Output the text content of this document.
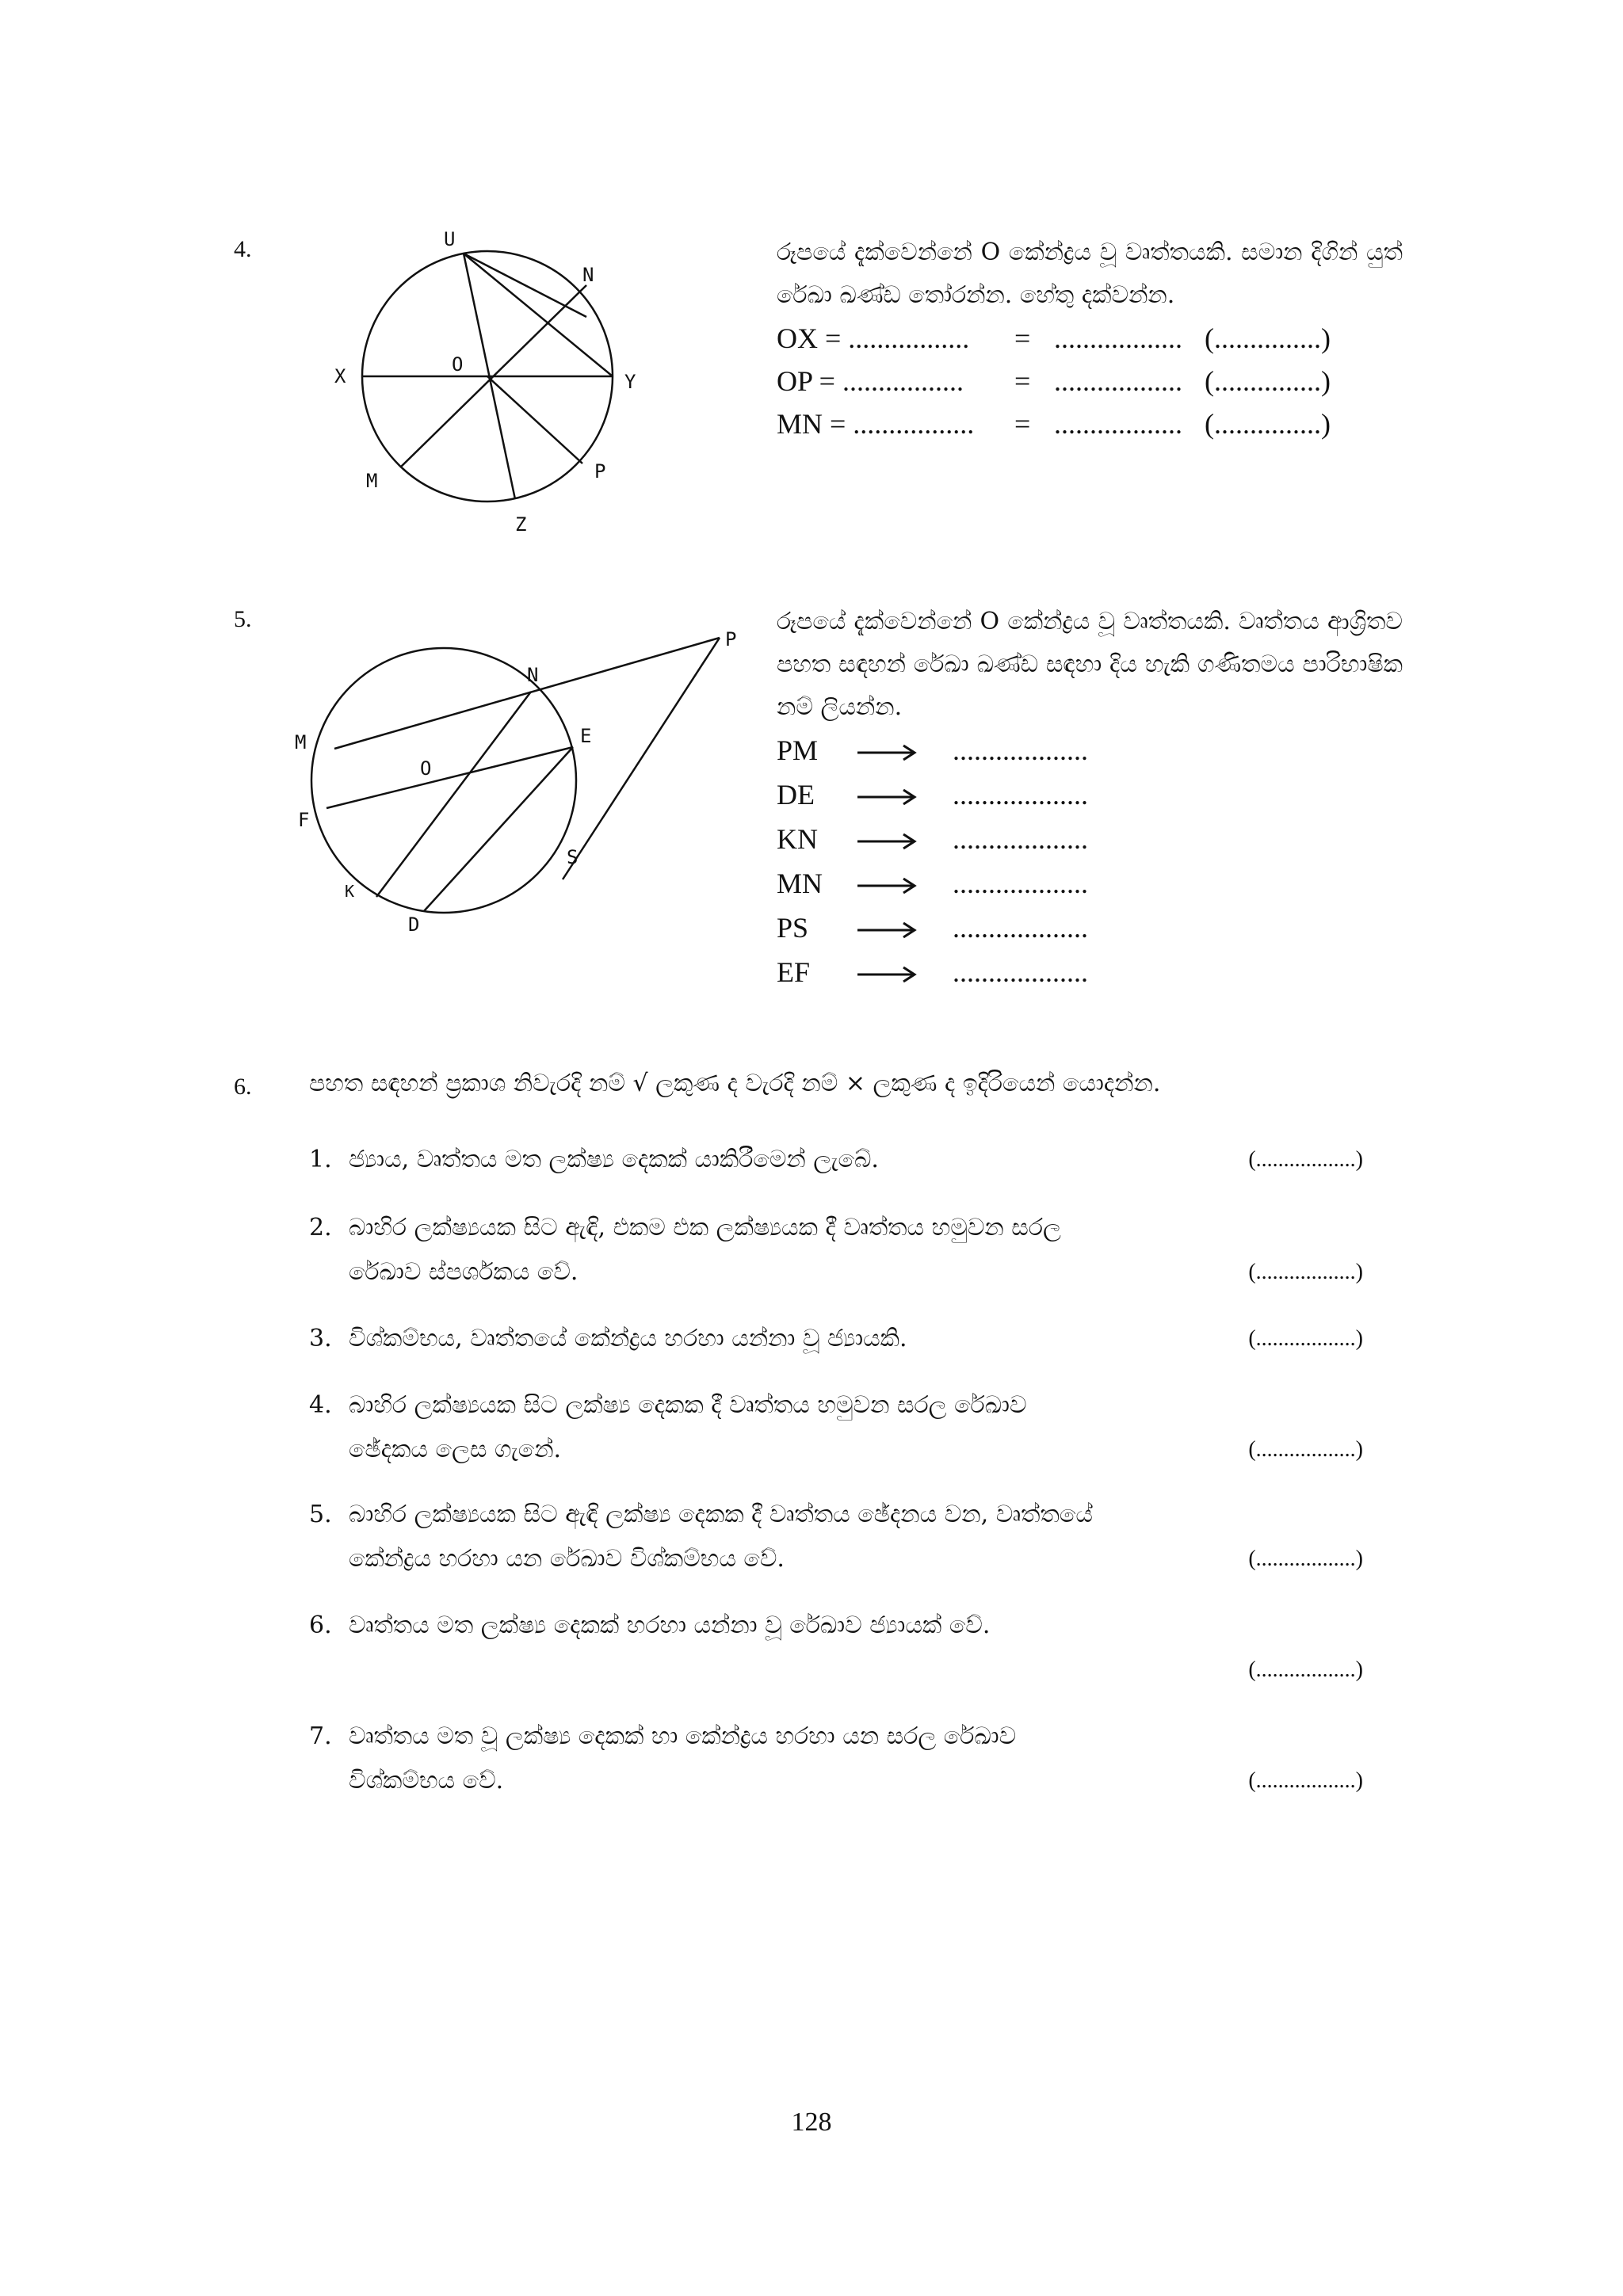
4.	U
N
X
O
Y
M	P
Z

රූපයේ දැක්වෙන්නේ O කේන්ද්‍රය වූ වෘත්තයකි. සමාන දිගින් යුත් රේඛා ඛණ්ඩ තෝරන්න. හේතු දක්වන්න.

OX = ................. = .................. (...............)
OP = ................. = .................. (...............)
MN = ................. = .................. (...............)
5.
P
N
M	E
O
F
S
K
D

රූපයේ දැක්වෙන්නේ O කේන්ද්‍රය වූ වෘත්තයකි. වෘත්තය ආශ්‍රිතව පහත සඳහන් රේඛා ඛණ්ඩ සඳහා දිය හැකි ගණිතමය පාරිභාෂික නම් ලියන්න.

PM	...................
DE	...................
KN	...................
MN	...................
PS	...................
EF	...................
6. පහත සඳහන් ප්‍රකාශ නිවැරදි නම් √ ලකුණ ද වැරදි නම් × ලකුණ ද ඉදිරියෙන් යොදන්න.
1. ජ්‍යාය, වෘත්තය මත ලක්ෂ්‍ය දෙකක් යාකිරීමෙන් ලැබේ.	(..................)
2. බාහිර ලක්ෂ්‍යයක සිට ඇඳි, එකම එක ලක්ෂ්‍යයක දී වෘත්තය හමුවන සරල රේඛාව ස්පර්ශකය වේ.	(..................)
3. විශ්කම්භය, වෘත්තයේ කේන්ද්‍රය හරහා යන්නා වූ ජ්‍යායකි.	(..................)
4. බාහිර ලක්ෂ්‍යයක සිට ලක්ෂ්‍ය දෙකක දී වෘත්තය හමුවන සරල රේඛාව ඡේදකය ලෙස ගැනේ.	(..................)
5. බාහිර ලක්ෂ්‍යයක සිට ඇඳි ලක්ෂ්‍ය දෙකක දී වෘත්තය ඡේදනය වන, වෘත්තයේ කේන්ද්‍රය හරහා යන රේඛාව විශ්කම්භය වේ.	(..................)
6. වෘත්තය මත ලක්ෂ්‍ය දෙකක් හරහා යන්නා වූ රේඛාව ජ්‍යායක් වේ.
(..................)
7. වෘත්තය මත වූ ලක්ෂ්‍ය දෙකක් හා කේන්ද්‍රය හරහා යන සරල රේඛාව විශ්කම්භය වේ.	(..................)
128
